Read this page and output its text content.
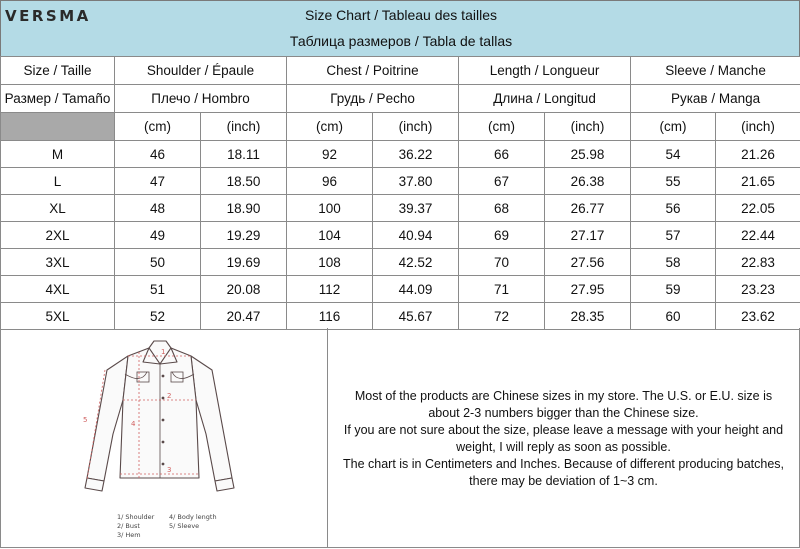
VERSMA	Size Chart / Tableau des tailles
Таблица размеров / Tabla de tallas
Size / Taille	Shoulder / Épaule		Chest / Poitrine		Length / Longueur		Sleeve / Manche	
Размер / Tamaño	Плечо / Hombro		Грудь / Pecho		Длина / Longitud		Рукав / Manga	
	(cm)	(inch)	(cm)	(inch)	(cm)	(inch)	(cm)	(inch)
M	46	18.11	92	36.22	66	25.98	54	21.26
L	47	18.50	96	37.80	67	26.38	55	21.65
XL	48	18.90	100	39.37	68	26.77	56	22.05
2XL	49	19.29	104	40.94	69	27.17	57	22.44
3XL	50	19.69	108	42.52	70	27.56	58	22.83
4XL	51	20.08	112	44.09	71	27.95	59	23.23
5XL	52	20.47	116	45.67	72	28.35	60	23.62
1
2
3
4
5
1/ Shoulder
2/ Bust
3/ Hem
4/ Body length
5/ Sleeve
Most of the products are Chinese sizes in my store. The U.S. or E.U. size is
about 2-3 numbers bigger than the Chinese size.
If you are not sure about the size, please leave a message with your height and
weight, I will reply as soon as possible.
The chart is in Centimeters and Inches. Because of different producing batches,
there may be deviation of 1~3 cm.
